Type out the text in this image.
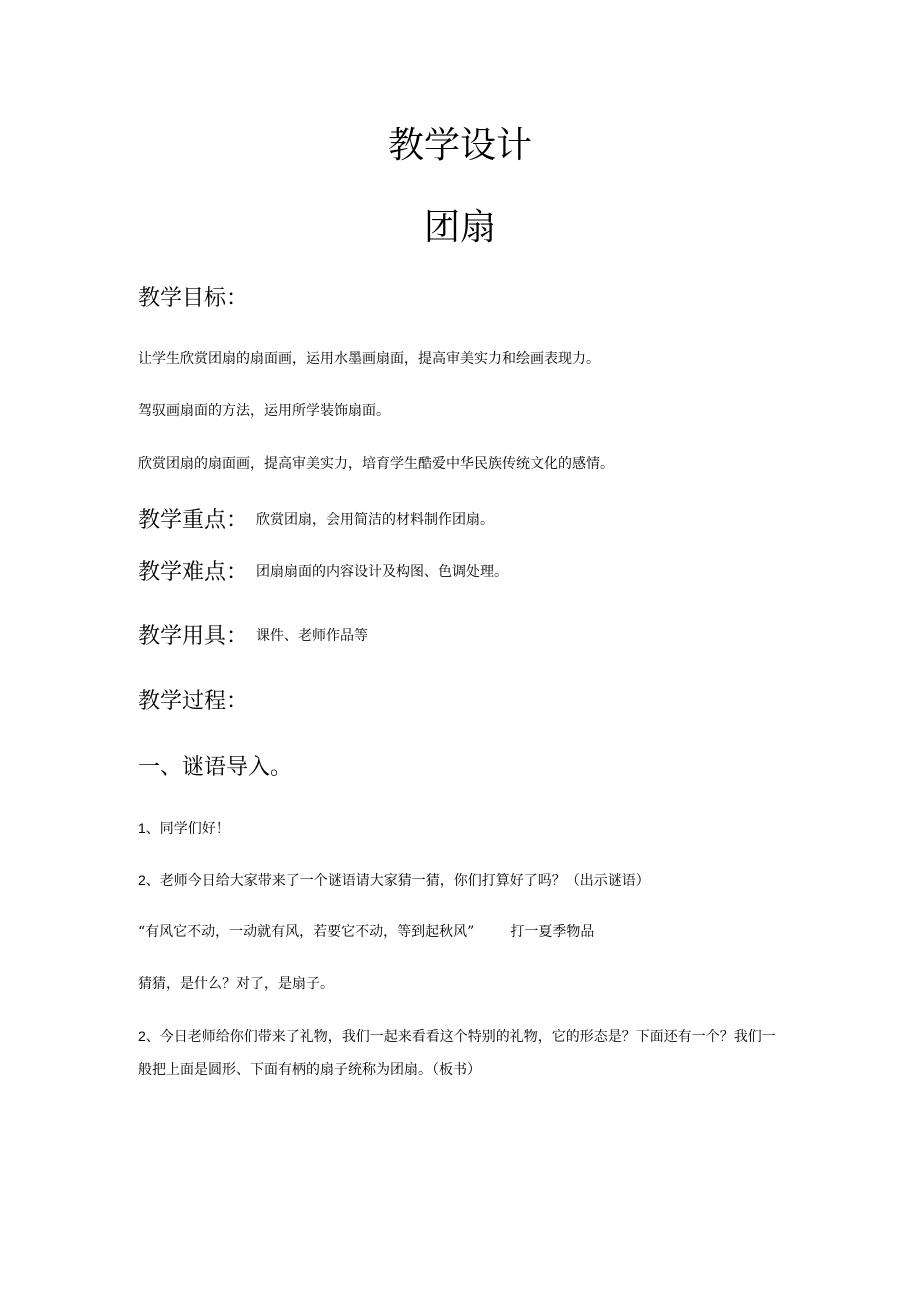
教学设计
团扇
教学目标：
让学生欣赏团扇的扇面画，运用水墨画扇面，提高审美实力和绘画表现力。
驾驭画扇面的方法，运用所学装饰扇面。
欣赏团扇的扇面画，提高审美实力，培育学生酷爱中华民族传统文化的感情。
教学重点： 欣赏团扇，会用简洁的材料制作团扇。
教学难点： 团扇扇面的内容设计及构图、色调处理。
教学用具： 课件、老师作品等
教学过程：
一、谜语导入。
1、同学们好！
2、老师今日给大家带来了一个谜语请大家猜一猜，你们打算好了吗？（出示谜语）
“有风它不动，一动就有风，若要它不动，等到起秋风”	打一夏季物品
猜猜，是什么？对了，是扇子。
2、今日老师给你们带来了礼物，我们一起来看看这个特别的礼物，它的形态是？下面还有一个？我们一般把上面是圆形、下面有柄的扇子统称为团扇。（板书）
